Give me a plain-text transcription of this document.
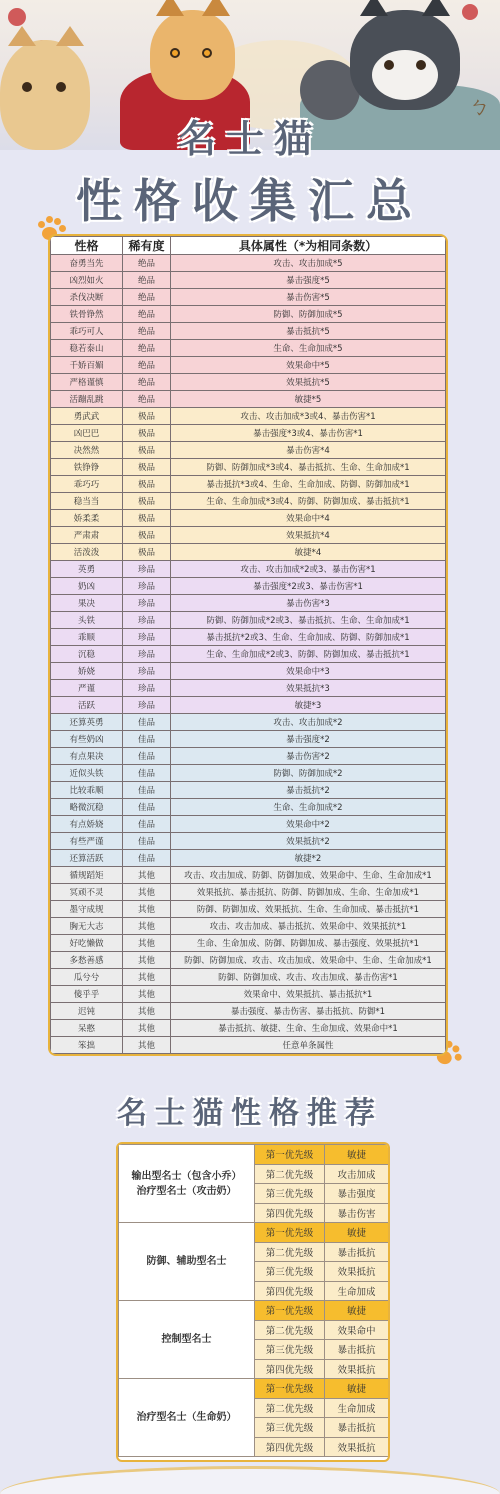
ㄅ
名士猫
性格收集汇总
性格	稀有度	具体属性（*为相同条数）
奋勇当先	绝品	攻击、攻击加成*5
凶烈如火	绝品	暴击强度*5
杀伐决断	绝品	暴击伤害*5
铁骨铮然	绝品	防御、防御加成*5
乖巧可人	绝品	暴击抵抗*5
稳若泰山	绝品	生命、生命加成*5
千娇百媚	绝品	效果命中*5
严格谨慎	绝品	效果抵抗*5
活蹦乱跳	绝品	敏捷*5
勇武武	极品	攻击、攻击加成*3或4、暴击伤害*1
凶巴巴	极品	暴击强度*3或4、暴击伤害*1
决然然	极品	暴击伤害*4
铁铮铮	极品	防御、防御加成*3或4、暴击抵抗、生命、生命加成*1
乖巧巧	极品	暴击抵抗*3或4、生命、生命加成、防御、防御加成*1
稳当当	极品	生命、生命加成*3或4、防御、防御加成、暴击抵抗*1
娇柔柔	极品	效果命中*4
严肃肃	极品	效果抵抗*4
活泼泼	极品	敏捷*4
英勇	珍品	攻击、攻击加成*2或3、暴击伤害*1
奶凶	珍品	暴击强度*2或3、暴击伤害*1
果决	珍品	暴击伤害*3
头铁	珍品	防御、防御加成*2或3、暴击抵抗、生命、生命加成*1
乖顺	珍品	暴击抵抗*2或3、生命、生命加成、防御、防御加成*1
沉稳	珍品	生命、生命加成*2或3、防御、防御加成、暴击抵抗*1
娇娆	珍品	效果命中*3
严谨	珍品	效果抵抗*3
活跃	珍品	敏捷*3
还算英勇	佳品	攻击、攻击加成*2
有些奶凶	佳品	暴击强度*2
有点果决	佳品	暴击伤害*2
近似头铁	佳品	防御、防御加成*2
比较乖顺	佳品	暴击抵抗*2
略微沉稳	佳品	生命、生命加成*2
有点娇娆	佳品	效果命中*2
有些严谨	佳品	效果抵抗*2
还算活跃	佳品	敏捷*2
循规蹈矩	其他	攻击、攻击加成、防御、防御加成、效果命中、生命、生命加成*1
冥顽不灵	其他	效果抵抗、暴击抵抗、防御、防御加成、生命、生命加成*1
墨守成规	其他	防御、防御加成、效果抵抗、生命、生命加成、暴击抵抗*1
胸无大志	其他	攻击、攻击加成、暴击抵抗、效果命中、效果抵抗*1
好吃懒做	其他	生命、生命加成、防御、防御加成、暴击强度、效果抵抗*1
多愁善感	其他	防御、防御加成、攻击、攻击加成、效果命中、生命、生命加成*1
瓜兮兮	其他	防御、防御加成、攻击、攻击加成、暴击伤害*1
傻乎乎	其他	效果命中、效果抵抗、暴击抵抗*1
迟钝	其他	暴击强度、暴击伤害、暴击抵抗、防御*1
呆憨	其他	暴击抵抗、敏捷、生命、生命加成、效果命中*1
笨拙	其他	任意单条属性
名士猫性格推荐
输出型名士（包含小乔）
治疗型名士（攻击奶）	第一优先级	敏捷
	第二优先级	攻击加成
	第三优先级	暴击强度
	第四优先级	暴击伤害

防御、辅助型名士	第一优先级	敏捷
	第二优先级	暴击抵抗
	第三优先级	效果抵抗
	第四优先级	生命加成

控制型名士	第一优先级	敏捷
	第二优先级	效果命中
	第三优先级	暴击抵抗
	第四优先级	效果抵抗

治疗型名士（生命奶）	第一优先级	敏捷
	第二优先级	生命加成
	第三优先级	暴击抵抗
	第四优先级	效果抵抗
